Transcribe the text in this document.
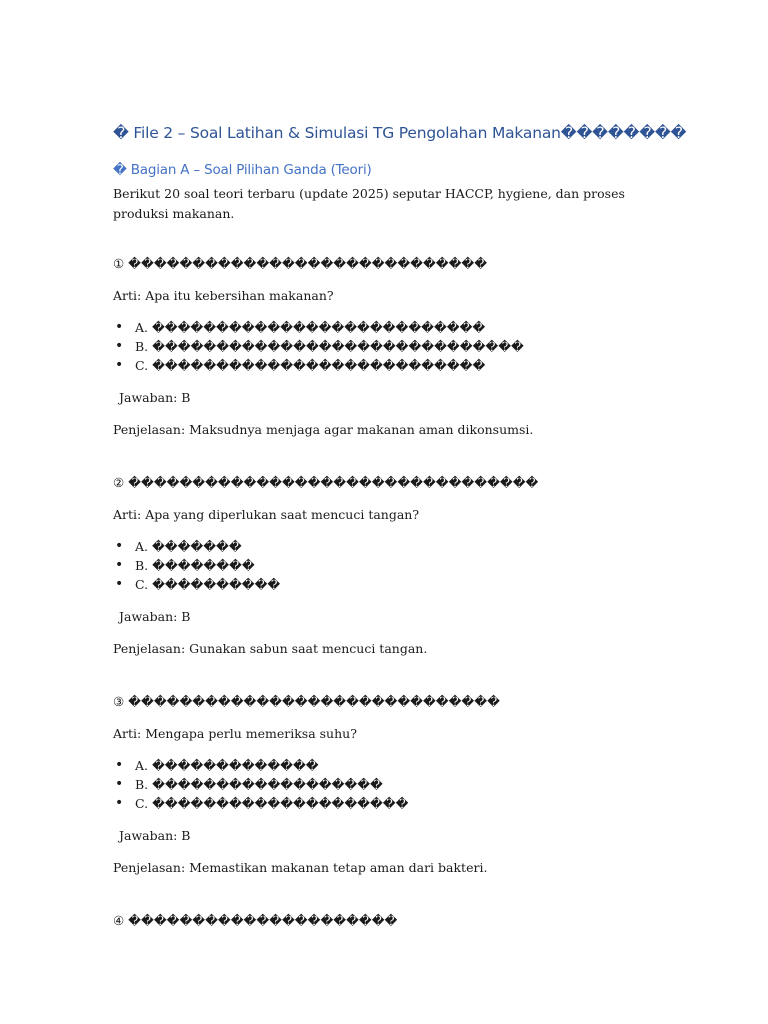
� File 2 – Soal Latihan & Simulasi TG Pengolahan Makanan��������
� Bagian A – Soal Pilihan Ganda (Teori)
Berikut 20 soal teori terbaru (update 2025) seputar HACCP, hygiene, dan proses produksi makanan.
① ����������������������������
Arti: Apa itu kebersihan makanan?
• A. ��������������������������
• B. �����������������������������
• C. ��������������������������
Jawaban: B
Penjelasan: Maksudnya menjaga agar makanan aman dikonsumsi.
② ��������������������������������
Arti: Apa yang diperlukan saat mencuci tangan?
• A. �������
• B. ��������
• C. ����������
Jawaban: B
Penjelasan: Gunakan sabun saat mencuci tangan.
③ �����������������������������
Arti: Mengapa perlu memeriksa suhu?
• A. �������������
• B. ������������������
• C. ��������������������
Jawaban: B
Penjelasan: Memastikan makanan tetap aman dari bakteri.
④ ���������������������
